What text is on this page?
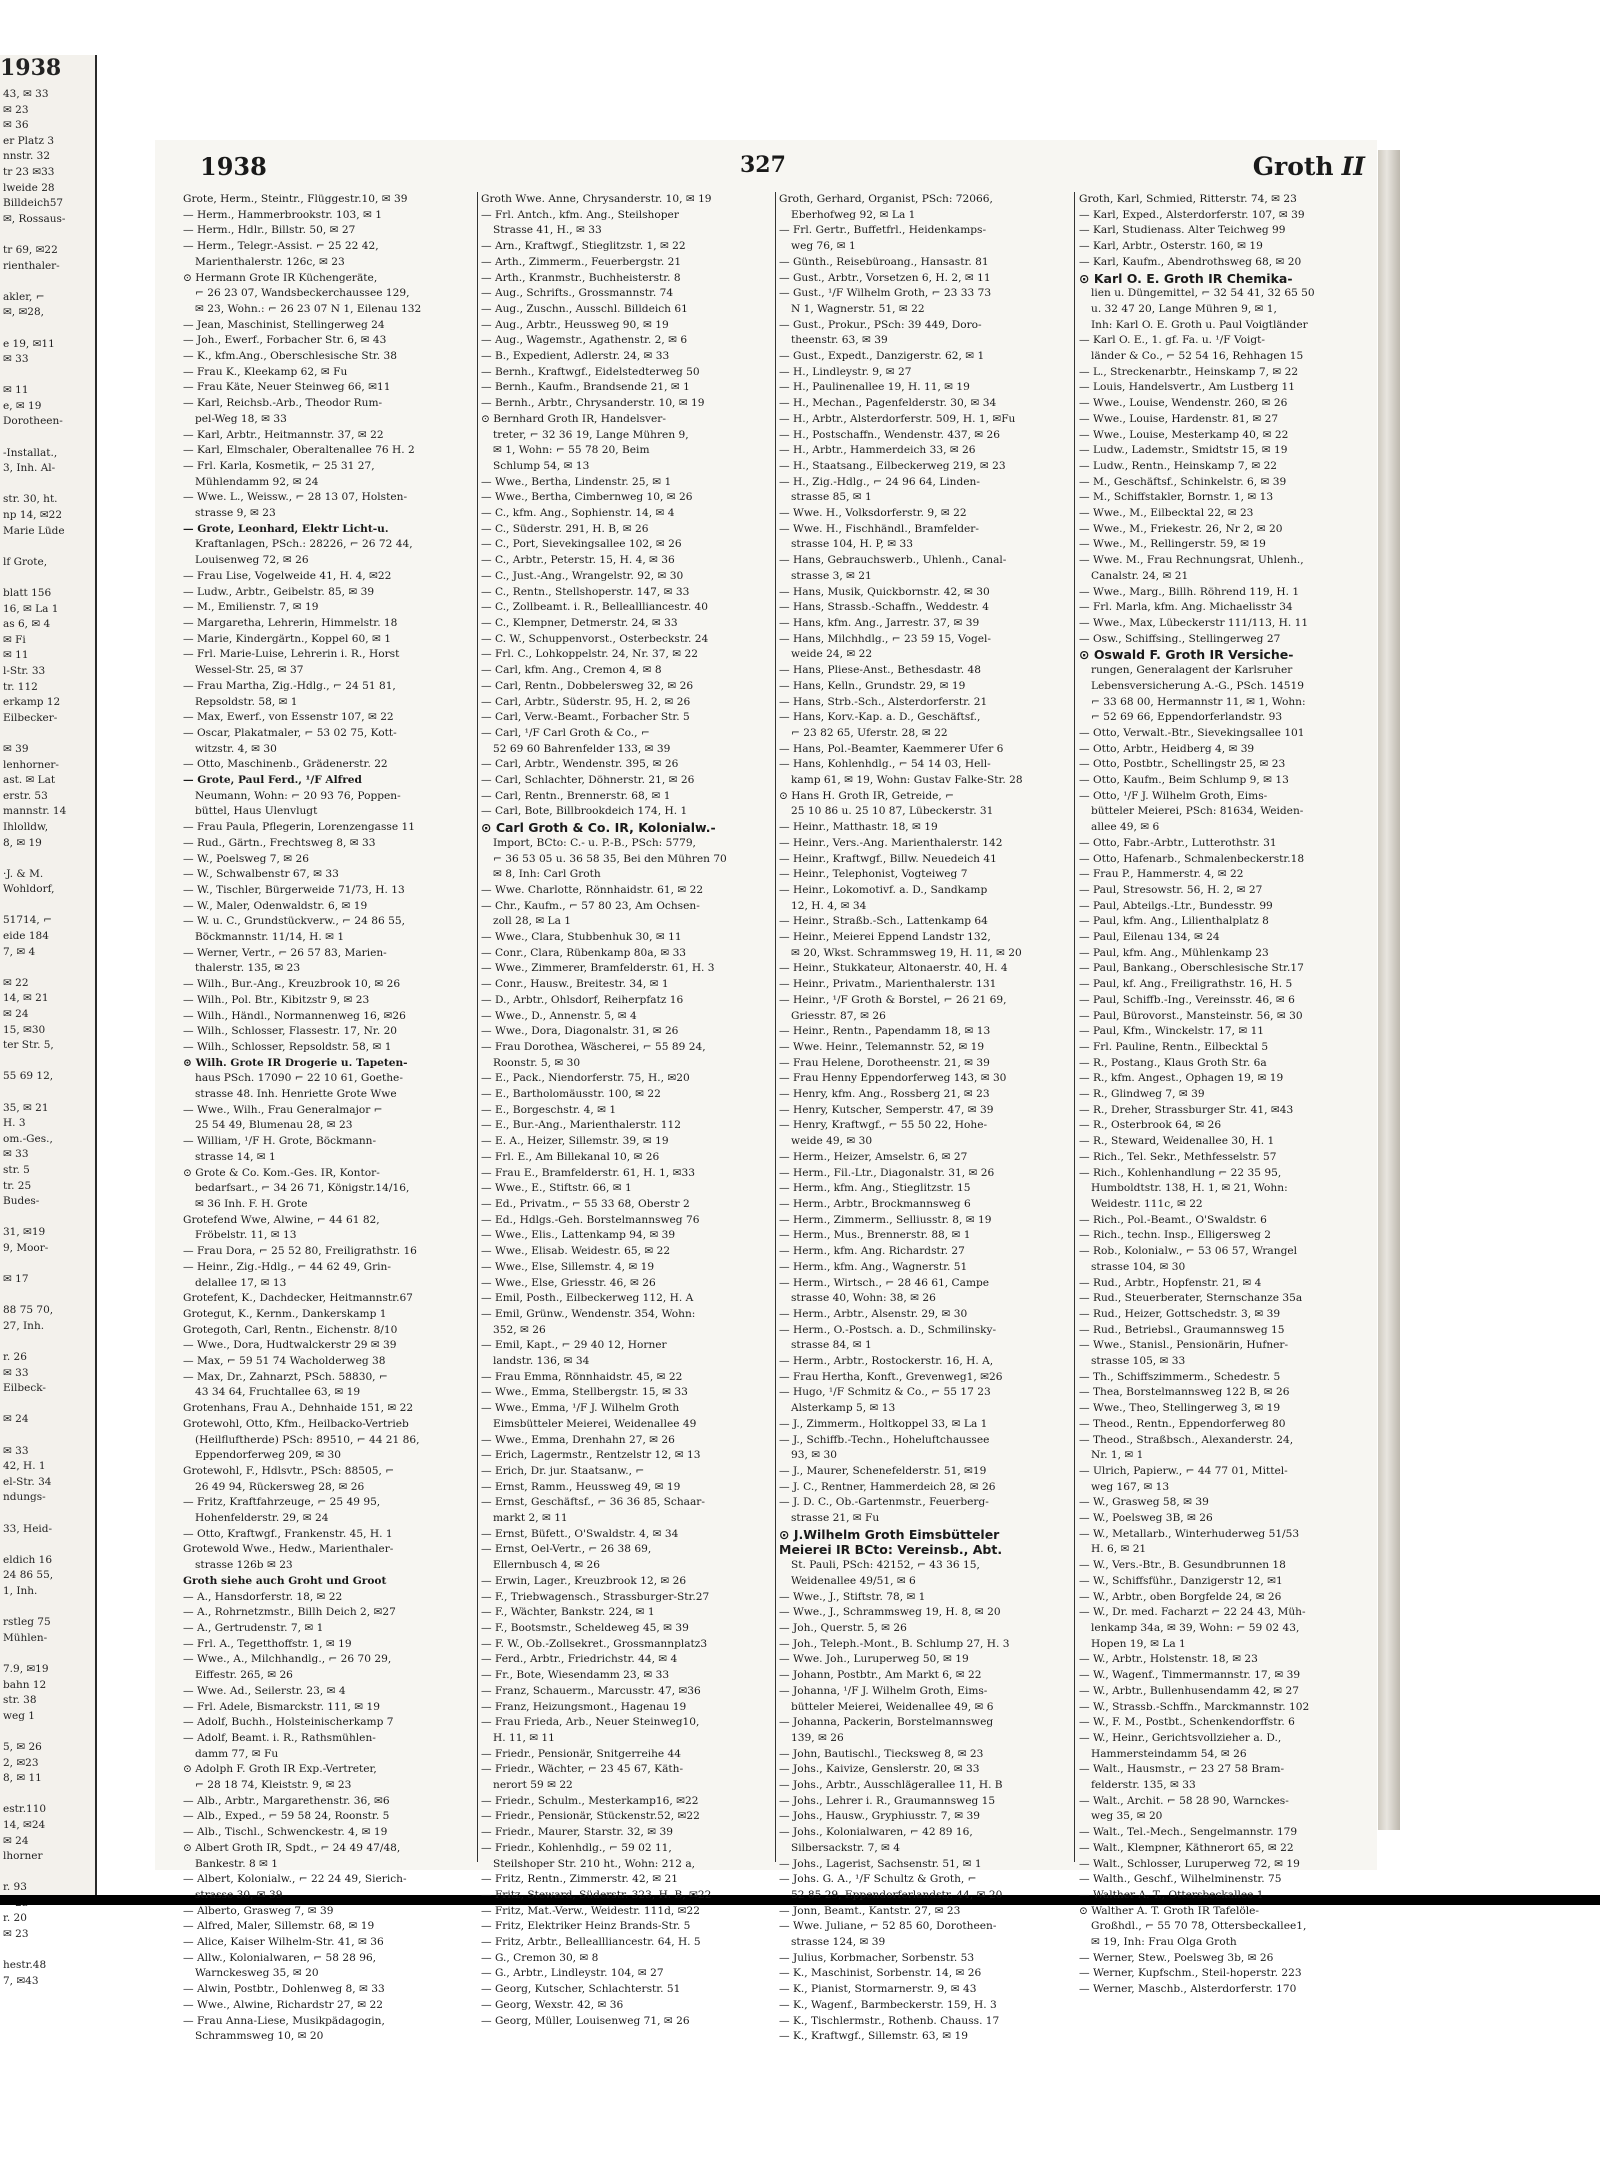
1938
43, ✉ 33
✉ 23
✉ 36
er Platz 3
nnstr. 32
tr 23 ✉33
lweide 28
Billdeich57
✉, Rossaus-

tr 69, ✉22
rienthaler-

akler, ⌐
✉, ✉28,

e 19, ✉11
✉ 33

✉ 11
e, ✉ 19
Dorotheen-

-Installat.,
3, Inh. Al-

str. 30, ht.
np 14, ✉22
Marie Lüde

lf Grote,

blatt 156
16, ✉ La 1
as 6, ✉ 4
✉ Fi
✉ 11
l-Str. 33
tr. 112
erkamp 12
Eilbecker-

✉ 39
lenhorner-
ast. ✉ Lat
erstr. 53
mannstr. 14
Ihlolldw,
8, ✉ 19

·J. & M.
Wohldorf,

51714, ⌐
eide 184
7, ✉ 4

✉ 22
14, ✉ 21
✉ 24
15, ✉30
ter Str. 5,

55 69 12,

35, ✉ 21
H. 3
om.-Ges.,
✉ 33
str. 5
tr. 25
Budes-

31, ✉19
9, Moor-

✉ 17

88 75 70,
27, Inh.

r. 26
✉ 33
Eilbeck-

✉ 24

✉ 33
42, H. 1
el-Str. 34
ndungs-

33, Heid-

eldich 16
24 86 55,
1, Inh.

rstleg 75
Mühlen-

7.9, ✉19
bahn 12
str. 38
weg 1

5, ✉ 26
2, ✉23
8, ✉ 11

estr.110
14, ✉24
✉ 24
lhorner

r. 93
r. 20
✉ 23

hestr.48
7, ✉43
1938	327	Groth II
Grote, Herm., Steintr., Flüggestr.10, ✉ 39
— Herm., Hammerbrookstr. 103, ✉ 1
— Herm., Hdlr., Billstr. 50, ✉ 27
— Herm., Telegr.-Assist. ⌐ 25 22 42,
Marienthalerstr. 126c, ✉ 23
⊙ Hermann Grote IR Küchengeräte,
⌐ 26 23 07, Wandsbeckerchaussee 129,
✉ 23, Wohn.: ⌐ 26 23 07 N 1, Eilenau 132
— Jean, Maschinist, Stellingerweg 24
— Joh., Ewerf., Forbacher Str. 6, ✉ 43
— K., kfm.Ang., Oberschlesische Str. 38
— Frau K., Kleekamp 62, ✉ Fu
— Frau Käte, Neuer Steinweg 66, ✉11
— Karl, Reichsb.-Arb., Theodor Rum-
pel-Weg 18, ✉ 33
— Karl, Arbtr., Heitmannstr. 37, ✉ 22
— Karl, Elmschaler, Oberaltenallee 76 H. 2
— Frl. Karla, Kosmetik, ⌐ 25 31 27,
Mühlendamm 92, ✉ 24
— Wwe. L., Weissw., ⌐ 28 13 07, Holsten-
strasse 9, ✉ 23
— Grote, Leonhard, Elektr Licht-u.
Kraftanlagen, PSch.: 28226, ⌐ 26 72 44,
Louisenweg 72, ✉ 26
— Frau Lise, Vogelweide 41, H. 4, ✉22
— Ludw., Arbtr., Geibelstr. 85, ✉ 39
— M., Emilienstr. 7, ✉ 19
— Margaretha, Lehrerin, Himmelstr. 18
— Marie, Kindergärtn., Koppel 60, ✉ 1
— Frl. Marie-Luise, Lehrerin i. R., Horst
Wessel-Str. 25, ✉ 37
— Frau Martha, Zig.-Hdlg., ⌐ 24 51 81,
Repsoldstr. 58, ✉ 1
— Max, Ewerf., von Essenstr 107, ✉ 22
— Oscar, Plakatmaler, ⌐ 53 02 75, Kott-
witzstr. 4, ✉ 30
— Otto, Maschinenb., Grädenerstr. 22
— Grote, Paul Ferd., ¹/F Alfred
Neumann, Wohn: ⌐ 20 93 76, Poppen-
büttel, Haus Ulenvlugt
— Frau Paula, Pflegerin, Lorenzengasse 11
— Rud., Gärtn., Frechtsweg 8, ✉ 33
— W., Poelsweg 7, ✉ 26
— W., Schwalbenstr 67, ✉ 33
— W., Tischler, Bürgerweide 71/73, H. 13
— W., Maler, Odenwaldstr. 6, ✉ 19
— W. u. C., Grundstückverw., ⌐ 24 86 55,
Böckmannstr. 11/14, H. ✉ 1
— Werner, Vertr., ⌐ 26 57 83, Marien-
thalerstr. 135, ✉ 23
— Wilh., Bur.-Ang., Kreuzbrook 10, ✉ 26
— Wilh., Pol. Btr., Kibitzstr 9, ✉ 23
— Wilh., Händl., Normannenweg 16, ✉26
— Wilh., Schlosser, Flassestr. 17, Nr. 20
— Wilh., Schlosser, Repsoldstr. 58, ✉ 1
⊙ Wilh. Grote IR Drogerie u. Tapeten-
haus PSch. 17090 ⌐ 22 10 61, Goethe-
strasse 48. Inh. Henriette Grote Wwe
— Wwe., Wilh., Frau Generalmajor ⌐
25 54 49, Blumenau 28, ✉ 23
— William, ¹/F H. Grote, Böckmann-
strasse 14, ✉ 1
⊙ Grote & Co. Kom.-Ges. IR, Kontor-
bedarfsart., ⌐ 34 26 71, Königstr.14/16,
✉ 36 Inh. F. H. Grote
Grotefend Wwe, Alwine, ⌐ 44 61 82,
Fröbelstr. 11, ✉ 13
— Frau Dora, ⌐ 25 52 80, Freiligrathstr. 16
— Heinr., Zig.-Hdlg., ⌐ 44 62 49, Grin-
delallee 17, ✉ 13
Grotefent, K., Dachdecker, Heitmannstr.67
Grotegut, K., Kernm., Dankerskamp 1
Grotegoth, Carl, Rentn., Eichenstr. 8/10
— Wwe., Dora, Hudtwalckerstr 29 ✉ 39
— Max, ⌐ 59 51 74 Wacholderweg 38
— Max, Dr., Zahnarzt, PSch. 58830, ⌐
43 34 64, Fruchtallee 63, ✉ 19
Grotenhans, Frau A., Dehnhaide 151, ✉ 22
Grotewohl, Otto, Kfm., Heilbacko-Vertrieb
(Heilfluftherde) PSch: 89510, ⌐ 44 21 86,
Eppendorferweg 209, ✉ 30
Grotewohl, F., Hdlsvtr., PSch: 88505, ⌐
26 49 94, Rückersweg 28, ✉ 26
— Fritz, Kraftfahrzeuge, ⌐ 25 49 95,
Hohenfelderstr. 29, ✉ 24
— Otto, Kraftwgf., Frankenstr. 45, H. 1
Grotewold Wwe., Hedw., Marienthaler-
strasse 126b ✉ 23
Groth siehe auch Groht und Groot
— A., Hansdorferstr. 18, ✉ 22
— A., Rohrnetzmstr., Billh Deich 2, ✉27
— A., Gertrudenstr. 7, ✉ 1
— Frl. A., Tegetthoffstr. 1, ✉ 19
— Wwe., A., Milchhandlg., ⌐ 26 70 29,
Eiffestr. 265, ✉ 26
— Wwe. Ad., Seilerstr. 23, ✉ 4
— Frl. Adele, Bismarckstr. 111, ✉ 19
— Adolf, Buchh., Holsteinischerkamp 7
— Adolf, Beamt. i. R., Rathsmühlen-
damm 77, ✉ Fu
⊙ Adolph F. Groth IR Exp.-Vertreter,
⌐ 28 18 74, Kleiststr. 9, ✉ 23
— Alb., Arbtr., Margarethenstr. 36, ✉6
— Alb., Exped., ⌐ 59 58 24, Roonstr. 5
— Alb., Tischl., Schwenckestr. 4, ✉ 19
⊙ Albert Groth IR, Spdt., ⌐ 24 49 47/48,
Bankestr. 8 ✉ 1
— Albert, Kolonialw., ⌐ 22 24 49, Sierich-
strasse 30, ✉ 39
— Alberto, Grasweg 7, ✉ 39
— Alfred, Maler, Sillemstr. 68, ✉ 19
— Alice, Kaiser Wilhelm-Str. 41, ✉ 36
— Allw., Kolonialwaren, ⌐ 58 28 96,
Warnckesweg 35, ✉ 20
— Alwin, Postbtr., Dohlenweg 8, ✉ 33
— Wwe., Alwine, Richardstr 27, ✉ 22
— Frau Anna-Liese, Musikpädagogin,
Schrammsweg 10, ✉ 20
Groth Wwe. Anne, Chrysanderstr. 10, ✉ 19
— Frl. Antch., kfm. Ang., Steilshoper
Strasse 41, H., ✉ 33
— Arn., Kraftwgf., Stieglitzstr. 1, ✉ 22
— Arth., Zimmerm., Feuerbergstr. 21
— Arth., Kranmstr., Buchheisterstr. 8
— Aug., Schrifts., Grossmannstr. 74
— Aug., Zuschn., Ausschl. Billdeich 61
— Aug., Arbtr., Heussweg 90, ✉ 19
— Aug., Wagemstr., Agathenstr. 2, ✉ 6
— B., Expedient, Adlerstr. 24, ✉ 33
— Bernh., Kraftwgf., Eidelstedterweg 50
— Bernh., Kaufm., Brandsende 21, ✉ 1
— Bernh., Arbtr., Chrysanderstr. 10, ✉ 19
⊙ Bernhard Groth IR, Handelsver-
treter, ⌐ 32 36 19, Lange Mühren 9,
✉ 1, Wohn: ⌐ 55 78 20, Beim
Schlump 54, ✉ 13
— Wwe., Bertha, Lindenstr. 25, ✉ 1
— Wwe., Bertha, Cimbernweg 10, ✉ 26
— C., kfm. Ang., Sophienstr. 14, ✉ 4
— C., Süderstr. 291, H. B, ✉ 26
— C., Port, Sievekingsallee 102, ✉ 26
— C., Arbtr., Peterstr. 15, H. 4, ✉ 36
— C., Just.-Ang., Wrangelstr. 92, ✉ 30
— C., Rentn., Stellshoperstr. 147, ✉ 33
— C., Zollbeamt. i. R., Belleallliancestr. 40
— C., Klempner, Detmerstr. 24, ✉ 33
— C. W., Schuppenvorst., Osterbeckstr. 24
— Frl. C., Lohkoppelstr. 24, Nr. 37, ✉ 22
— Carl, kfm. Ang., Cremon 4, ✉ 8
— Carl, Rentn., Dobbelersweg 32, ✉ 26
— Carl, Arbtr., Süderstr. 95, H. 2, ✉ 26
— Carl, Verw.-Beamt., Forbacher Str. 5
— Carl, ¹/F Carl Groth & Co., ⌐
52 69 60 Bahrenfelder 133, ✉ 39
— Carl, Arbtr., Wendenstr. 395, ✉ 26
— Carl, Schlachter, Döhnerstr. 21, ✉ 26
— Carl, Rentn., Brennerstr. 68, ✉ 1
— Carl, Bote, Billbrookdeich 174, H. 1
⊙ Carl Groth & Co. IR, Kolonialw.-
Import, BCto: C.- u. P.-B., PSch: 5779,
⌐ 36 53 05 u. 36 58 35, Bei den Mühren 70
✉ 8, Inh: Carl Groth
— Wwe. Charlotte, Rönnhaidstr. 61, ✉ 22
— Chr., Kaufm., ⌐ 57 80 23, Am Ochsen-
zoll 28, ✉ La 1
— Wwe., Clara, Stubbenhuk 30, ✉ 11
— Conr., Clara, Rübenkamp 80a, ✉ 33
— Wwe., Zimmerer, Bramfelderstr. 61, H. 3
— Conr., Hausw., Breitestr. 34, ✉ 1
— D., Arbtr., Ohlsdorf, Reiherpfatz 16
— Wwe., D., Annenstr. 5, ✉ 4
— Wwe., Dora, Diagonalstr. 31, ✉ 26
— Frau Dorothea, Wäscherei, ⌐ 55 89 24,
Roonstr. 5, ✉ 30
— E., Pack., Niendorferstr. 75, H., ✉20
— E., Bartholomäusstr. 100, ✉ 22
— E., Borgeschstr. 4, ✉ 1
— E., Bur.-Ang., Marienthalerstr. 112
— E. A., Heizer, Sillemstr. 39, ✉ 19
— Frl. E., Am Billekanal 10, ✉ 26
— Frau E., Bramfelderstr. 61, H. 1, ✉33
— Wwe., E., Stiftstr. 66, ✉ 1
— Ed., Privatm., ⌐ 55 33 68, Oberstr 2
— Ed., Hdlgs.-Geh. Borstelmannsweg 76
— Wwe., Elis., Lattenkamp 94, ✉ 39
— Wwe., Elisab. Weidestr. 65, ✉ 22
— Wwe., Else, Sillemstr. 4, ✉ 19
— Wwe., Else, Griesstr. 46, ✉ 26
— Emil, Posth., Eilbeckerweg 112, H. A
— Emil, Grünw., Wendenstr. 354, Wohn:
352, ✉ 26
— Emil, Kapt., ⌐ 29 40 12, Horner
landstr. 136, ✉ 34
— Frau Emma, Rönnhaidstr. 45, ✉ 22
— Wwe., Emma, Stellbergstr. 15, ✉ 33
— Wwe., Emma, ¹/F J. Wilhelm Groth
Eimsbütteler Meierei, Weidenallee 49
— Wwe., Emma, Drenhahn 27, ✉ 26
— Erich, Lagermstr., Rentzelstr 12, ✉ 13
— Erich, Dr. jur. Staatsanw., ⌐
— Ernst, Ramm., Heussweg 49, ✉ 19
— Ernst, Geschäftsf., ⌐ 36 36 85, Schaar-
markt 2, ✉ 11
— Ernst, Büfett., O'Swaldstr. 4, ✉ 34
— Ernst, Oel-Vertr., ⌐ 26 38 69,
Ellernbusch 4, ✉ 26
— Erwin, Lager., Kreuzbrook 12, ✉ 26
— F., Triebwagensch., Strassburger-Str.27
— F., Wächter, Bankstr. 224, ✉ 1
— F., Bootsmstr., Scheldeweg 45, ✉ 39
— F. W., Ob.-Zollsekret., Grossmannplatz3
— Ferd., Arbtr., Friedrichstr. 44, ✉ 4
— Fr., Bote, Wiesendamm 23, ✉ 33
— Franz, Schauerm., Marcusstr. 47, ✉36
— Franz, Heizungsmont., Hagenau 19
— Frau Frieda, Arb., Neuer Steinweg10,
H. 11, ✉ 11
— Friedr., Pensionär, Snitgerreihe 44
— Friedr., Wächter, ⌐ 23 45 67, Käth-
nerort 59 ✉ 22
— Friedr., Schulm., Mesterkamp16, ✉22
— Friedr., Pensionär, Stückenstr.52, ✉22
— Friedr., Maurer, Starstr. 32, ✉ 39
— Friedr., Kohlenhdlg., ⌐ 59 02 11,
Steilshoper Str. 210 ht., Wohn: 212 a,
— Fritz, Rentn., Zimmerstr. 42, ✉ 21
— Fritz, Steward, Süderstr. 323, H. B, ✉22
— Fritz, Mat.-Verw., Weidestr. 111d, ✉22
— Fritz, Elektriker Heinz Brands-Str. 5
— Fritz, Arbtr., Belleallliancestr. 64, H. 5
— G., Cremon 30, ✉ 8
— G., Arbtr., Lindleystr. 104, ✉ 27
— Georg, Kutscher, Schlachterstr. 51
— Georg, Wexstr. 42, ✉ 36
— Georg, Müller, Louisenweg 71, ✉ 26
Groth, Gerhard, Organist, PSch: 72066,
Eberhofweg 92, ✉ La 1
— Frl. Gertr., Buffetfrl., Heidenkamps-
weg 76, ✉ 1
— Günth., Reisebüroang., Hansastr. 81
— Gust., Arbtr., Vorsetzen 6, H. 2, ✉ 11
— Gust., ¹/F Wilhelm Groth, ⌐ 23 33 73
N 1, Wagnerstr. 51, ✉ 22
— Gust., Prokur., PSch: 39 449, Doro-
theenstr. 63, ✉ 39
— Gust., Expedt., Danzigerstr. 62, ✉ 1
— H., Lindleystr. 9, ✉ 27
— H., Paulinenallee 19, H. 11, ✉ 19
— H., Mechan., Pagenfelderstr. 30, ✉ 34
— H., Arbtr., Alsterdorferstr. 509, H. 1, ✉Fu
— H., Postschaffn., Wendenstr. 437, ✉ 26
— H., Arbtr., Hammerdeich 33, ✉ 26
— H., Staatsang., Eilbeckerweg 219, ✉ 23
— H., Zig.-Hdlg., ⌐ 24 96 64, Linden-
strasse 85, ✉ 1
— Wwe. H., Volksdorferstr. 9, ✉ 22
— Wwe. H., Fischhändl., Bramfelder-
strasse 104, H. P, ✉ 33
— Hans, Gebrauchswerb., Uhlenh., Canal-
strasse 3, ✉ 21
— Hans, Musik, Quickbornstr. 42, ✉ 30
— Hans, Strassb.-Schaffn., Weddestr. 4
— Hans, kfm. Ang., Jarrestr. 37, ✉ 39
— Hans, Milchhdlg., ⌐ 23 59 15, Vogel-
weide 24, ✉ 22
— Hans, Pliese-Anst., Bethesdastr. 48
— Hans, Kelln., Grundstr. 29, ✉ 19
— Hans, Strb.-Sch., Alsterdorferstr. 21
— Hans, Korv.-Kap. a. D., Geschäftsf.,
⌐ 23 82 65, Uferstr. 28, ✉ 22
— Hans, Pol.-Beamter, Kaemmerer Ufer 6
— Hans, Kohlenhdlg., ⌐ 54 14 03, Hell-
kamp 61, ✉ 19, Wohn: Gustav Falke-Str. 28
⊙ Hans H. Groth IR, Getreide, ⌐
25 10 86 u. 25 10 87, Lübeckerstr. 31
— Heinr., Matthastr. 18, ✉ 19
— Heinr., Vers.-Ang. Marienthalerstr. 142
— Heinr., Kraftwgf., Billw. Neuedeich 41
— Heinr., Telephonist, Vogteiweg 7
— Heinr., Lokomotivf. a. D., Sandkamp
12, H. 4, ✉ 34
— Heinr., Straßb.-Sch., Lattenkamp 64
— Heinr., Meierei Eppend Landstr 132,
✉ 20, Wkst. Schrammsweg 19, H. 11, ✉ 20
— Heinr., Stukkateur, Altonaerstr. 40, H. 4
— Heinr., Privatm., Marienthalerstr. 131
— Heinr., ¹/F Groth & Borstel, ⌐ 26 21 69,
Griesstr. 87, ✉ 26
— Heinr., Rentn., Papendamm 18, ✉ 13
— Wwe. Heinr., Telemannstr. 52, ✉ 19
— Frau Helene, Dorotheenstr. 21, ✉ 39
— Frau Henny Eppendorferweg 143, ✉ 30
— Henry, kfm. Ang., Rossberg 21, ✉ 23
— Henry, Kutscher, Semperstr. 47, ✉ 39
— Henry, Kraftwgf., ⌐ 55 50 22, Hohe-
weide 49, ✉ 30
— Herm., Heizer, Amselstr. 6, ✉ 27
— Herm., Fil.-Ltr., Diagonalstr. 31, ✉ 26
— Herm., kfm. Ang., Stieglitzstr. 15
— Herm., Arbtr., Brockmannsweg 6
— Herm., Zimmerm., Selliusstr. 8, ✉ 19
— Herm., Mus., Brennerstr. 88, ✉ 1
— Herm., kfm. Ang. Richardstr. 27
— Herm., kfm. Ang., Wagnerstr. 51
— Herm., Wirtsch., ⌐ 28 46 61, Campe
strasse 40, Wohn: 38, ✉ 26
— Herm., Arbtr., Alsenstr. 29, ✉ 30
— Herm., O.-Postsch. a. D., Schmilinsky-
strasse 84, ✉ 1
— Herm., Arbtr., Rostockerstr. 16, H. A,
— Frau Hertha, Konft., Grevenweg1, ✉26
— Hugo, ¹/F Schmitz & Co., ⌐ 55 17 23
Alsterkamp 5, ✉ 13
— J., Zimmerm., Holtkoppel 33, ✉ La 1
— J., Schiffb.-Techn., Hoheluftchaussee
93, ✉ 30
— J., Maurer, Schenefelderstr. 51, ✉19
— J. C., Rentner, Hammerdeich 28, ✉ 26
— J. D. C., Ob.-Gartenmstr., Feuerberg-
strasse 21, ✉ Fu
⊙ J.Wilhelm Groth Eimsbütteler
Meierei IR BCto: Vereinsb., Abt.
St. Pauli, PSch: 42152, ⌐ 43 36 15,
Weidenallee 49/51, ✉ 6
— Wwe., J., Stiftstr. 78, ✉ 1
— Wwe., J., Schrammsweg 19, H. 8, ✉ 20
— Joh., Querstr. 5, ✉ 26
— Joh., Teleph.-Mont., B. Schlump 27, H. 3
— Wwe. Joh., Luruperweg 50, ✉ 19
— Johann, Postbtr., Am Markt 6, ✉ 22
— Johanna, ¹/F J. Wilhelm Groth, Eims-
bütteler Meierei, Weidenallee 49, ✉ 6
— Johanna, Packerin, Borstelmannsweg
139, ✉ 26
— John, Bautischl., Tiecksweg 8, ✉ 23
— Johs., Kaivize, Genslerstr. 20, ✉ 33
— Johs., Arbtr., Ausschlägerallee 11, H. B
— Johs., Lehrer i. R., Graumannsweg 15
— Johs., Hausw., Gryphiusstr. 7, ✉ 39
— Johs., Kolonialwaren, ⌐ 42 89 16,
Silbersackstr. 7, ✉ 4
— Johs., Lagerist, Sachsenstr. 51, ✉ 1
— Johs. G. A., ¹/F Schultz & Groth, ⌐
52 85 29, Eppendorferlandstr. 44, ✉ 20
— Jonn, Beamt., Kantstr. 27, ✉ 23
— Wwe. Juliane, ⌐ 52 85 60, Dorotheen-
strasse 124, ✉ 39
— Julius, Korbmacher, Sorbenstr. 53
— K., Maschinist, Sorbenstr. 14, ✉ 26
— K., Pianist, Stormarnerstr. 9, ✉ 43
— K., Wagenf., Barmbeckerstr. 159, H. 3
— K., Tischlermstr., Rothenb. Chauss. 17
— K., Kraftwgf., Sillemstr. 63, ✉ 19
Groth, Karl, Schmied, Ritterstr. 74, ✉ 23
— Karl, Exped., Alsterdorferstr. 107, ✉ 39
— Karl, Studienass. Alter Teichweg 99
— Karl, Arbtr., Osterstr. 160, ✉ 19
— Karl, Kaufm., Abendrothsweg 68, ✉ 20
⊙ Karl O. E. Groth IR Chemika-
lien u. Düngemittel, ⌐ 32 54 41, 32 65 50
u. 32 47 20, Lange Mühren 9, ✉ 1,
Inh: Karl O. E. Groth u. Paul Voigtländer
— Karl O. E., 1. gf. Fa. u. ¹/F Voigt-
länder & Co., ⌐ 52 54 16, Rehhagen 15
— L., Streckenarbtr., Heinskamp 7, ✉ 22
— Louis, Handelsvertr., Am Lustberg 11
— Wwe., Louise, Wendenstr. 260, ✉ 26
— Wwe., Louise, Hardenstr. 81, ✉ 27
— Wwe., Louise, Mesterkamp 40, ✉ 22
— Ludw., Lademstr., Smidtstr 15, ✉ 19
— Ludw., Rentn., Heinskamp 7, ✉ 22
— M., Geschäftsf., Schinkelstr. 6, ✉ 39
— M., Schiffstakler, Bornstr. 1, ✉ 13
— Wwe., M., Eilbecktal 22, ✉ 23
— Wwe., M., Friekestr. 26, Nr 2, ✉ 20
— Wwe., M., Rellingerstr. 59, ✉ 19
— Wwe. M., Frau Rechnungsrat, Uhlenh.,
Canalstr. 24, ✉ 21
— Wwe., Marg., Billh. Röhrend 119, H. 1
— Frl. Marla, kfm. Ang. Michaelisstr 34
— Wwe., Max, Lübeckerstr 111/113, H. 11
— Osw., Schiffsing., Stellingerweg 27
⊙ Oswald F. Groth IR Versiche-
rungen, Generalagent der Karlsruher
Lebensversicherung A.-G., PSch. 14519
⌐ 33 68 00, Hermannstr 11, ✉ 1, Wohn:
⌐ 52 69 66, Eppendorferlandstr. 93
— Otto, Verwalt.-Btr., Sievekingsallee 101
— Otto, Arbtr., Heidberg 4, ✉ 39
— Otto, Postbtr., Schellingstr 25, ✉ 23
— Otto, Kaufm., Beim Schlump 9, ✉ 13
— Otto, ¹/F J. Wilhelm Groth, Eims-
bütteler Meierei, PSch: 81634, Weiden-
allee 49, ✉ 6
— Otto, Fabr.-Arbtr., Lutterothstr. 31
— Otto, Hafenarb., Schmalenbeckerstr.18
— Frau P., Hammerstr. 4, ✉ 22
— Paul, Stresowstr. 56, H. 2, ✉ 27
— Paul, Abteilgs.-Ltr., Bundesstr. 99
— Paul, kfm. Ang., Lilienthalplatz 8
— Paul, Eilenau 134, ✉ 24
— Paul, kfm. Ang., Mühlenkamp 23
— Paul, Bankang., Oberschlesische Str.17
— Paul, kf. Ang., Freiligrathstr. 16, H. 5
— Paul, Schiffb.-Ing., Vereinsstr. 46, ✉ 6
— Paul, Bürovorst., Mansteinstr. 56, ✉ 30
— Paul, Kfm., Winckelstr. 17, ✉ 11
— Frl. Pauline, Rentn., Eilbecktal 5
— R., Postang., Klaus Groth Str. 6a
— R., kfm. Angest., Ophagen 19, ✉ 19
— R., Glindweg 7, ✉ 39
— R., Dreher, Strassburger Str. 41, ✉43
— R., Osterbrook 64, ✉ 26
— R., Steward, Weidenallee 30, H. 1
— Rich., Tel. Sekr., Methfesselstr. 57
— Rich., Kohlenhandlung ⌐ 22 35 95,
Humboldtstr. 138, H. 1, ✉ 21, Wohn:
Weidestr. 111c, ✉ 22
— Rich., Pol.-Beamt., O'Swaldstr. 6
— Rich., techn. Insp., Elligersweg 2
— Rob., Kolonialw., ⌐ 53 06 57, Wrangel
strasse 104, ✉ 30
— Rud., Arbtr., Hopfenstr. 21, ✉ 4
— Rud., Steuerberater, Sternschanze 35a
— Rud., Heizer, Gottschedstr. 3, ✉ 39
— Rud., Betriebsl., Graumannsweg 15
— Wwe., Stanisl., Pensionärin, Hufner-
strasse 105, ✉ 33
— Th., Schiffszimmerm., Schedestr. 5
— Thea, Borstelmannsweg 122 B, ✉ 26
— Wwe., Theo, Stellingerweg 3, ✉ 19
— Theod., Rentn., Eppendorferweg 80
— Theod., Straßbsch., Alexanderstr. 24,
Nr. 1, ✉ 1
— Ulrich, Papierw., ⌐ 44 77 01, Mittel-
weg 167, ✉ 13
— W., Grasweg 58, ✉ 39
— W., Poelsweg 3B, ✉ 26
— W., Metallarb., Winterhuderweg 51/53
H. 6, ✉ 21
— W., Vers.-Btr., B. Gesundbrunnen 18
— W., Schiffsführ., Danzigerstr 12, ✉1
— W., Arbtr., oben Borgfelde 24, ✉ 26
— W., Dr. med. Facharzt ⌐ 22 24 43, Müh-
lenkamp 34a, ✉ 39, Wohn: ⌐ 59 02 43,
Hopen 19, ✉ La 1
— W., Arbtr., Holstenstr. 18, ✉ 23
— W., Wagenf., Timmermannstr. 17, ✉ 39
— W., Arbtr., Bullenhusendamm 42, ✉ 27
— W., Strassb.-Schffn., Marckmannstr. 102
— W., F. M., Postbt., Schenkendorffstr. 6
— W., Heinr., Gerichtsvollzieher a. D.,
Hammersteindamm 54, ✉ 26
— Walt., Hausmstr., ⌐ 23 27 58 Bram-
felderstr. 135, ✉ 33
— Walt., Archit. ⌐ 58 28 90, Warnckes-
weg 35, ✉ 20
— Walt., Tel.-Mech., Sengelmannstr. 179
— Walt., Klempner, Käthnerort 65, ✉ 22
— Walt., Schlosser, Luruperweg 72, ✉ 19
— Walth., Geschf., Wilhelminenstr. 75
— Walther A. T., Ottersbeckallee 1
⊙ Walther A. T. Groth IR Tafelöle-
Großhdl., ⌐ 55 70 78, Ottersbeckallee1,
✉ 19, Inh: Frau Olga Groth
— Werner, Stew., Poelsweg 3b, ✉ 26
— Werner, Kupfschm., Steil-hoperstr. 223
— Werner, Maschb., Alsterdorferstr. 170
